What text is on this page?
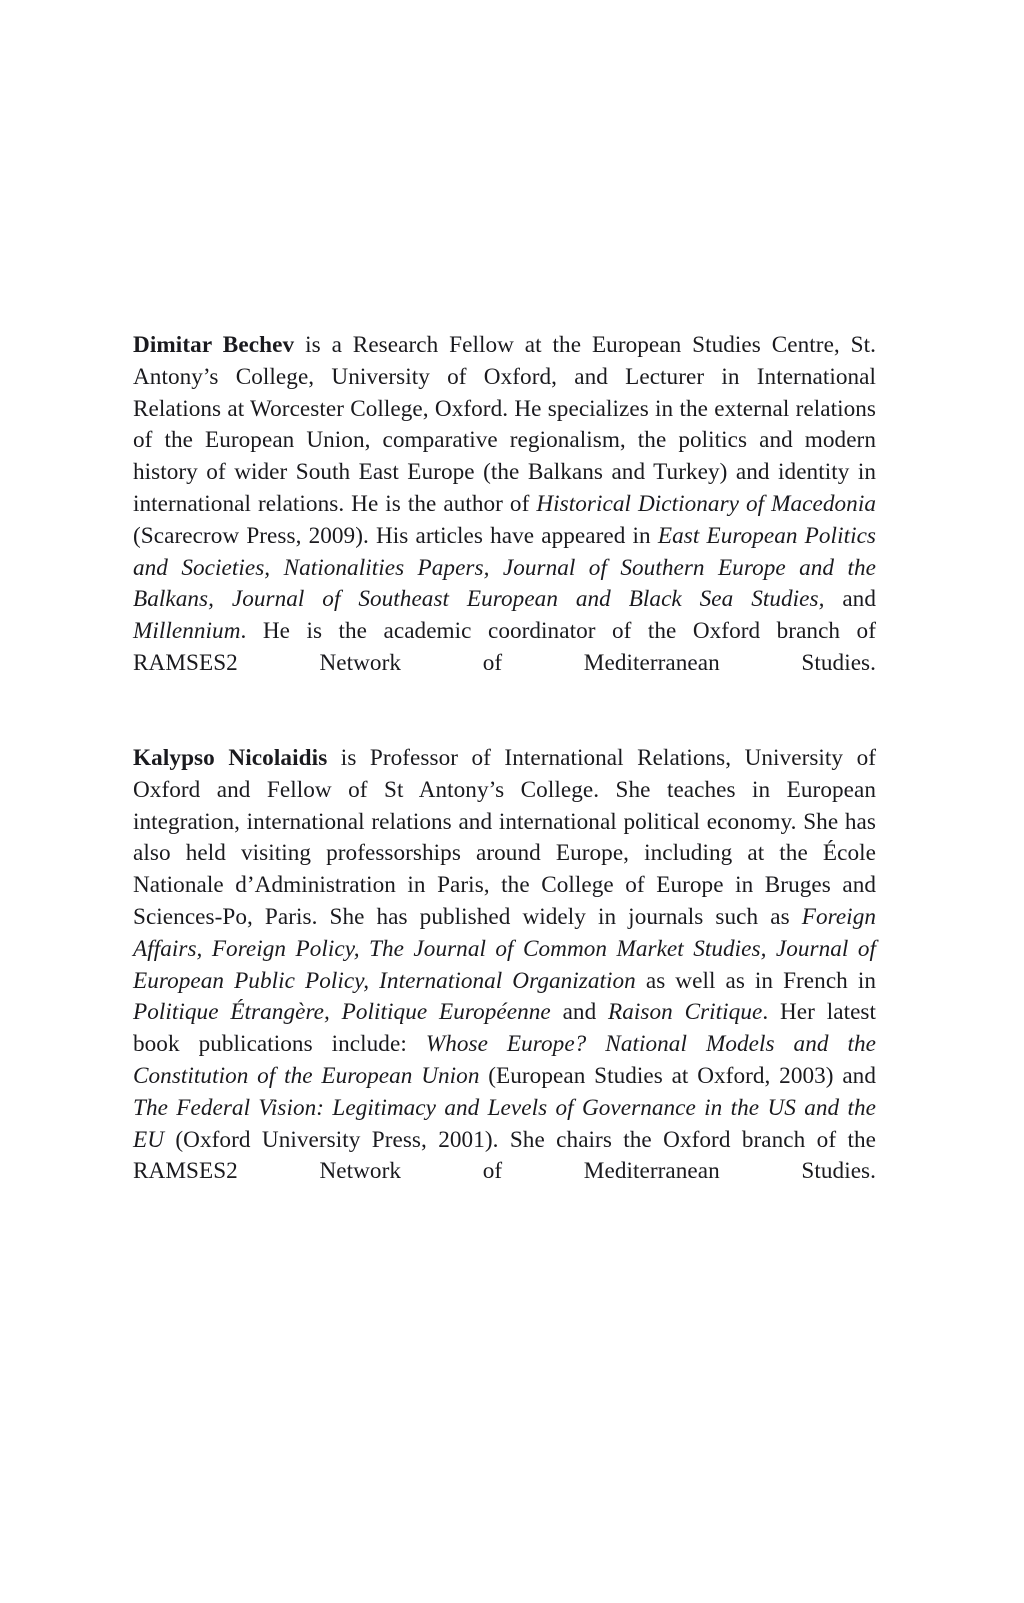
Dimitar Bechev is a Research Fellow at the European Studies Centre, St. Antony’s College, University of Oxford, and Lecturer in International Relations at Worcester College, Oxford. He specializes in the external relations of the European Union, comparative regionalism, the politics and modern history of wider South East Europe (the Balkans and Turkey) and identity in international relations. He is the author of Historical Dictionary of Macedonia (Scarecrow Press, 2009). His articles have appeared in East European Politics and Societies, Nationalities Papers, Journal of Southern Europe and the Balkans, Journal of Southeast European and Black Sea Studies, and Millennium. He is the academic coordinator of the Oxford branch of RAMSES2 Network of Mediterranean Studies.

Kalypso Nicolaidis is Professor of International Relations, University of Oxford and Fellow of St Antony’s College. She teaches in European integration, international relations and international political economy. She has also held visiting professorships around Europe, including at the École Nationale d’Administration in Paris, the College of Europe in Bruges and Sciences-Po, Paris. She has published widely in journals such as Foreign Affairs, Foreign Policy, The Journal of Common Market Studies, Journal of European Public Policy, International Organization as well as in French in Politique Étrangère, Politique Européenne and Raison Critique. Her latest book publications include: Whose Europe? National Models and the Constitution of the European Union (European Studies at Oxford, 2003) and The Federal Vision: Legitimacy and Levels of Governance in the US and the EU (Oxford University Press, 2001). She chairs the Oxford branch of the RAMSES2 Network of Mediterranean Studies.
